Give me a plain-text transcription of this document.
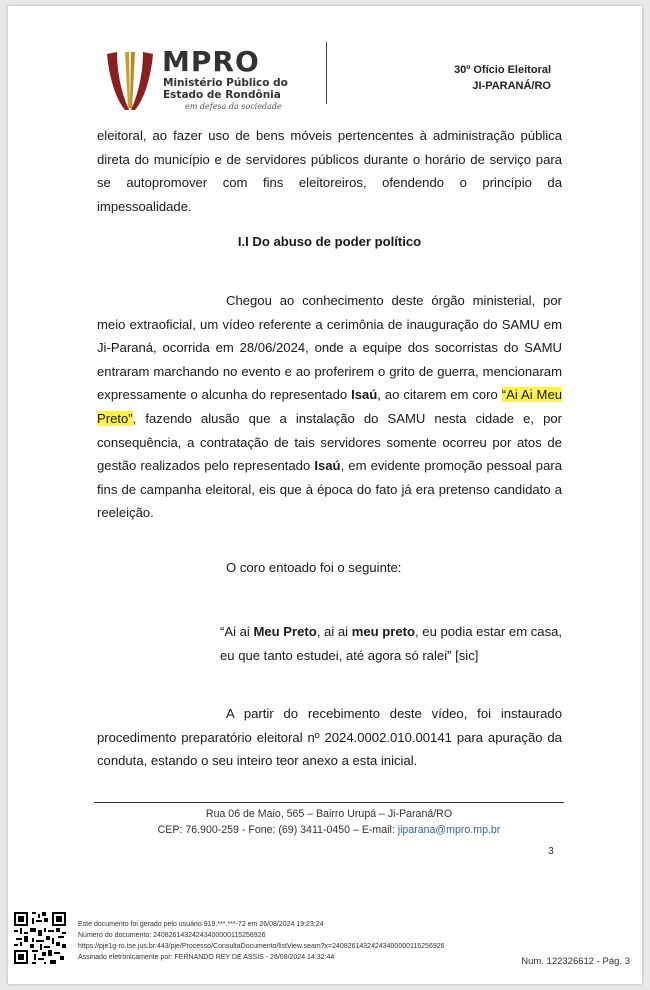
MPRO
Ministério Público do
Estado de Rondônia
em defesa da sociedade
30º Ofício Eleitoral
JI-PARANÁ/RO

eleitoral, ao fazer uso de bens móveis pertencentes à administração pública direta do município e de servidores públicos durante o horário de serviço para se autopromover com fins eleitoreiros, ofendendo o princípio da impessoalidade.

I.I Do abuso de poder político

Chegou ao conhecimento deste órgão ministerial, por meio extraoficial, um vídeo referente a cerimônia de inauguração do SAMU em Ji-Paraná, ocorrida em 28/06/2024, onde a equipe dos socorristas do SAMU entraram marchando no evento e ao proferirem o grito de guerra, mencionaram expressamente o alcunha do representado Isaú, ao citarem em coro “Ai Ai Meu Preto”, fazendo alusão que a instalação do SAMU nesta cidade e, por consequência, a contratação de tais servidores somente ocorreu por atos de gestão realizados pelo representado Isaú, em evidente promoção pessoal para fins de campanha eleitoral, eis que à época do fato já era pretenso candidato a reeleição.

O coro entoado foi o seguinte:

“Ai ai Meu Preto, ai ai meu preto, eu podia estar em casa,
eu que tanto estudei, até agora só ralei” [sic]

A partir do recebimento deste vídeo, foi instaurado procedimento preparatório eleitoral nº 2024.0002.010.00141 para apuração da conduta, estando o seu inteiro teor anexo a esta inicial.

Rua 06 de Maio, 565 – Bairro Urupá – Ji-Paraná/RO
CEP: 76.900-259 - Fone: (69) 3411-0450 – E-mail: jiparana@mpro.mp.br
3
Este documento foi gerado pelo usuário 919.***.***-72 em 26/08/2024 19:23:24
Número do documento: 24082614324243400000115256926
https://pje1g-ro.tse.jus.br:443/pje/Processo/ConsultaDocumento/listView.seam?x=24082614324243400000115256926
Assinado eletronicamente por: FERNANDO REY DE ASSIS - 26/08/2024 14:32:44	Num. 122326612 - Pág. 3
